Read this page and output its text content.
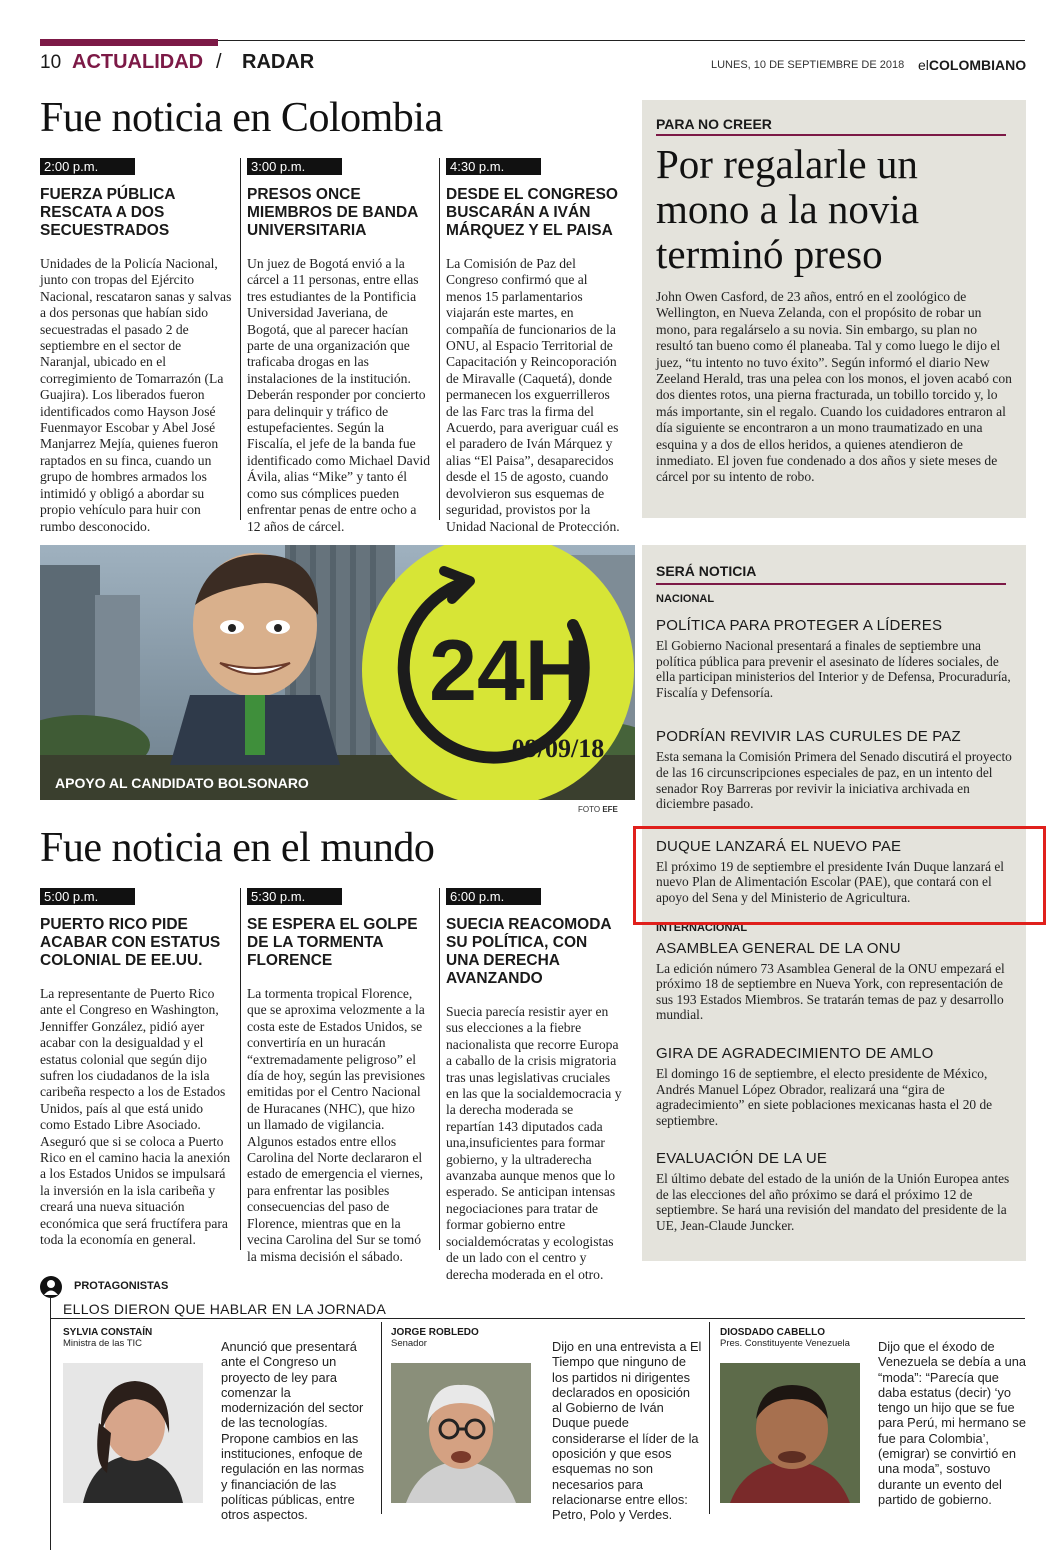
10 ACTUALIDAD / RADAR	LUNES, 10 DE SEPTIEMBRE DE 2018 elCOLOMBIANO
Fue noticia en Colombia
2:00 p.m.
FUERZA PÚBLICA RESCATA A DOS SECUESTRADOS
Unidades de la Policía Nacional, junto con tropas del Ejército Nacional, rescataron sanas y salvas a dos personas que habían sido secuestradas el pasado 2 de septiembre en el sector de Naranjal, ubicado en el corregimiento de Tomarrazón (La Guajira). Los liberados fueron identificados como Hayson José Fuenmayor Escobar y Abel José Manjarrez Mejía, quienes fueron raptados en su finca, cuando un grupo de hombres armados los intimidó y obligó a abordar su propio vehículo para huir con rumbo desconocido.
3:00 p.m.
PRESOS ONCE MIEMBROS DE BANDA UNIVERSITARIA
Un juez de Bogotá envió a la cárcel a 11 personas, entre ellas tres estudiantes de la Pontificia Universidad Javeriana, de Bogotá, que al parecer hacían parte de una organización que traficaba drogas en las instalaciones de la institución. Deberán responder por concierto para delinquir y tráfico de estupefacientes. Según la Fiscalía, el jefe de la banda fue identificado como Michael David Ávila, alias “Mike” y tanto él como sus cómplices pueden enfrentar penas de entre ocho a 12 años de cárcel.
4:30 p.m.
DESDE EL CONGRESO BUSCARÁN A IVÁN MÁRQUEZ Y EL PAISA
La Comisión de Paz del Congreso confirmó que al menos 15 parlamentarios viajarán este martes, en compañía de funcionarios de la ONU, al Espacio Territorial de Capacitación y Reincoporación de Miravalle (Caquetá), donde permanecen los exguerrilleros de las Farc tras la firma del Acuerdo, para averiguar cuál es el paradero de Iván Márquez y alias “El Paisa”, desaparecidos desde el 15 de agosto, cuando devolvieron sus esquemas de seguridad, provistos por la Unidad Nacional de Protección.
PARA NO CREER
Por regalarle un mono a la novia terminó preso
John Owen Casford, de 23 años, entró en el zoológico de Wellington, en Nueva Zelanda, con el propósito de robar un mono, para regalárselo a su novia. Sin embargo, su plan no resultó tan bueno como él planeaba. Tal y como luego le dijo el juez, “tu intento no tuvo éxito”. Según informó el diario New Zeeland Herald, tras una pelea con los monos, el joven acabó con dos dientes rotos, una pierna fracturada, un tobillo torcido y, lo más importante, sin el regalo. Cuando los cuidadores entraron al día siguiente se encontraron a un mono traumatizado en una esquina y a dos de ellos heridos, a quienes atendieron de inmediato. El joven fue condenado a dos años y siete meses de cárcel por su intento de robo.
APOYO AL CANDIDATO BOLSONARO
24H
09/09/18
FOTO EFE
SERÁ NOTICIA
NACIONAL
POLÍTICA PARA PROTEGER A LÍDERES
El Gobierno Nacional presentará a finales de septiembre una política pública para prevenir el asesinato de líderes sociales, de ella participan ministerios del Interior y de Defensa, Procuraduría, Fiscalía y Defensoría.
PODRÍAN REVIVIR LAS CURULES DE PAZ
Esta semana la Comisión Primera del Senado discutirá el proyecto de las 16 circunscripciones especiales de paz, en un intento del senador Roy Barreras por revivir la iniciativa archivada en diciembre pasado.
DUQUE LANZARÁ EL NUEVO PAE
El próximo 19 de septiembre el presidente Iván Duque lanzará el nuevo Plan de Alimentación Escolar (PAE), que contará con el apoyo del Sena y del Ministerio de Agricultura.
INTERNACIONAL
ASAMBLEA GENERAL DE LA ONU
La edición número 73 Asamblea General de la ONU empezará el próximo 18 de septiembre en Nueva York, con representación de sus 193 Estados Miembros. Se tratarán temas de paz y desarrollo mundial.
GIRA DE AGRADECIMIENTO DE AMLO
El domingo 16 de septiembre, el electo presidente de México, Andrés Manuel López Obrador, realizará una “gira de agradecimiento” en siete poblaciones mexicanas hasta el 20 de septiembre.
EVALUACIÓN DE LA UE
El último debate del estado de la unión de la Unión Europea antes de las elecciones del año próximo se dará el próximo 12 de septiembre. Se hará una revisión del mandato del presidente de la UE, Jean-Claude Juncker.
Fue noticia en el mundo
5:00 p.m.
PUERTO RICO PIDE ACABAR CON ESTATUS COLONIAL DE EE.UU.
La representante de Puerto Rico ante el Congreso en Washington, Jenniffer González, pidió ayer acabar con la desigualdad y el estatus colonial que según dijo sufren los ciudadanos de la isla caribeña respecto a los de Estados Unidos, país al que está unido como Estado Libre Asociado. Aseguró que si se coloca a Puerto Rico en el camino hacia la anexión a los Estados Unidos se impulsará la inversión en la isla caribeña y creará una nueva situación económica que será fructífera para toda la economía en general.
5:30 p.m.
SE ESPERA EL GOLPE DE LA TORMENTA FLORENCE
La tormenta tropical Florence, que se aproxima velozmente a la costa este de Estados Unidos, se convertiría en un huracán “extremadamente peligroso” el día de hoy, según las previsiones emitidas por el Centro Nacional de Huracanes (NHC), que hizo un llamado de vigilancia. Algunos estados entre ellos Carolina del Norte declararon el estado de emergencia el viernes, para enfrentar las posibles consecuencias del paso de Florence, mientras que en la vecina Carolina del Sur se tomó la misma decisión el sábado.
6:00 p.m.
SUECIA REACOMODA SU POLÍTICA, CON UNA DERECHA AVANZANDO
Suecia parecía resistir ayer en sus elecciones a la fiebre nacionalista que recorre Europa a caballo de la crisis migratoria tras unas legislativas cruciales en las que la socialdemocracia y la derecha moderada se repartían 143 diputados cada una,insuficientes para formar gobierno, y la ultraderecha avanzaba aunque menos que lo esperado. Se anticipan intensas negociaciones para tratar de formar gobierno entre socialdemócratas y ecologistas de un lado con el centro y derecha moderada en el otro.
PROTAGONISTAS
ELLOS DIERON QUE HABLAR EN LA JORNADA
SYLVIA CONSTAÍN
Ministra de las TIC	Anunció que presentará ante el Congreso un proyecto de ley para comenzar la modernización del sector de las tecnologías. Propone cambios en las instituciones, enfoque de regulación en las normas y financiación de las políticas públicas, entre otros aspectos.
JORGE ROBLEDO
Senador	Dijo en una entrevista a El Tiempo que ninguno de los partidos ni dirigentes declarados en oposición al Gobierno de Iván Duque puede considerarse el líder de la oposición y que esos esquemas no son necesarios para relacionarse entre ellos: Petro, Polo y Verdes.
DIOSDADO CABELLO
Pres. Constituyente Venezuela	Dijo que el éxodo de Venezuela se debía a una “moda”: “Parecía que daba estatus (decir) ‘yo tengo un hijo que se fue para Perú, mi hermano se fue para Colombia’, (emigrar) se convirtió en una moda”, sostuvo durante un evento del partido de gobierno.
